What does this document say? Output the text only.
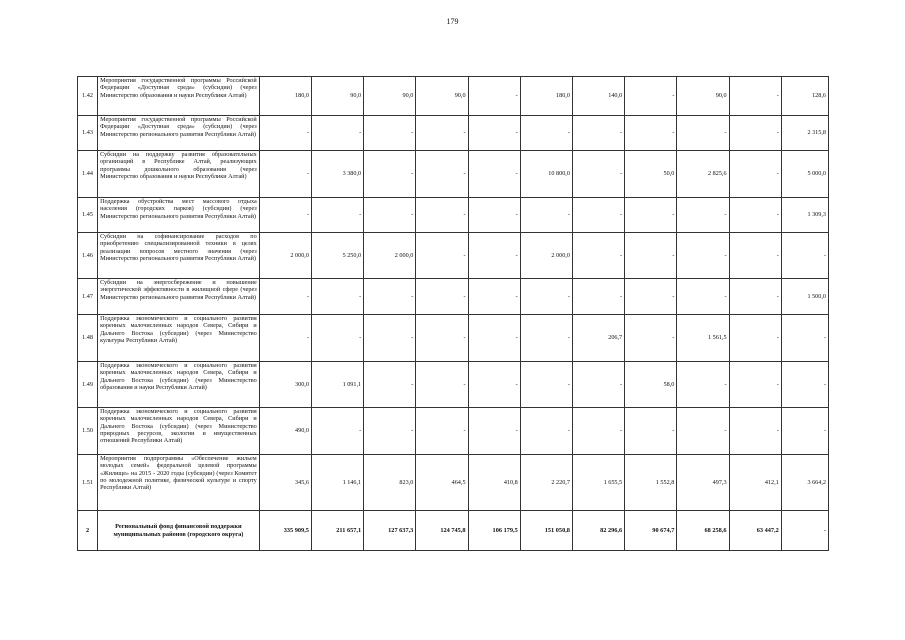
179
1.42	Мероприятия государственной программы Российской Федерации «Доступная среда» (субсидии) (через Министерство образования и науки Республики Алтай)	180,0	90,0	90,0	90,0	-	180,0	140,0	-	90,0	-	128,6
1.43	Мероприятия государственной программы Российской Федерации «Доступная среда» (субсидии) (через Министерство регионального развития Республики Алтай)	-	-	-	-	-	-	-	-	-	-	2 315,8
1.44	Субсидии на поддержку развития образовательных организаций в Республике Алтай, реализующих программы дошкольного образования (через Министерство образования и науки Республики Алтай)	-	3 380,0	-	-	-	10 800,0	-	50,0	2 825,6	-	5 000,0
1.45	Поддержка обустройства мест массового отдыха населения (городских парков) (субсидии) (через Министерство регионального развития Республики Алтай)	-	-	-	-	-	-	-	-	-	-	1 309,3
1.46	Субсидии на софинансирование расходов по приобретению специализированной техники в целях реализации вопросов местного значения (через Министерство регионального развития Республики Алтай)	2 000,0	5 250,0	2 000,0	-	-	2 000,0	-	-	-	-	-
1.47	Субсидии на энергосбережение и повышение энергетической эффективности в жилищной сфере (через Министерство регионального развития Республики Алтай)	-	-	-	-	-	-	-	-	-	-	1 500,0
1.48	Поддержка экономического и социального развития коренных малочисленных народов Севера, Сибири и Дальнего Востока (субсидии) (через Министерство культуры Республики Алтай)	-	-	-	-	-	-	206,7	-	1 561,5	-	-
1.49	Поддержка экономического и социального развития коренных малочисленных народов Севера, Сибири и Дальнего Востока (субсидии) (через Министерство образования и науки Республики Алтай)	300,0	1 091,1	-	-	-	-	-	58,0	-	-	-
1.50	Поддержка экономического и социального развития коренных малочисленных народов Севера, Сибири и Дальнего Востока (субсидии) (через Министерство природных ресурсов, экологии и имущественных отношений Республики Алтай)	490,0	-	-	-	-	-	-	-	-	-	-
1.51	Мероприятия подпрограммы «Обеспечение жильем молодых семей» федеральной целевой программы «Жилище» на 2015 - 2020 годы (субсидии) (через Комитет по молодежной политике, физической культуре и спорту Республики Алтай)	345,6	1 146,1	823,0	464,5	410,8	2 220,7	1 655,5	1 552,8	497,3	412,1	3 664,2
2	Региональный фонд финансовой поддержки муниципальных районов (городского округа)	335 909,5	211 657,1	127 637,3	124 745,8	106 179,5	151 050,8	82 296,6	90 674,7	68 258,6	63 447,2	-
